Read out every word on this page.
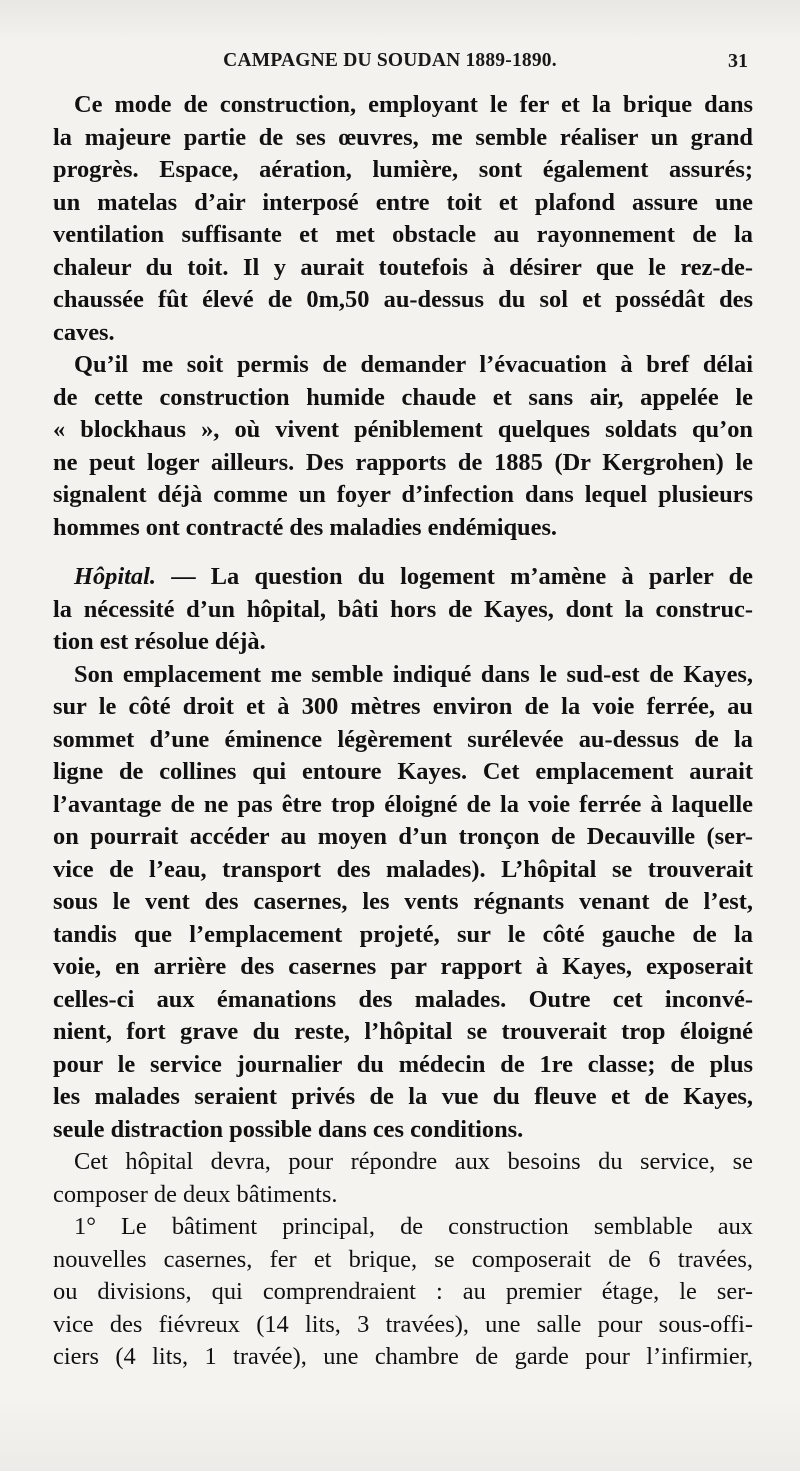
CAMPAGNE DU SOUDAN 1889-1890.	31
Ce mode de construction, employant le fer et la brique dans
la majeure partie de ses œuvres, me semble réaliser un grand
progrès. Espace, aération, lumière, sont également assurés;
un matelas d’air interposé entre toit et plafond assure une
ventilation suffisante et met obstacle au rayonnement de la
chaleur du toit. Il y aurait toutefois à désirer que le rez-de-
chaussée fût élevé de 0m,50 au-dessus du sol et possédât des
caves.
Qu’il me soit permis de demander l’évacuation à bref délai
de cette construction humide chaude et sans air, appelée le
« blockhaus », où vivent péniblement quelques soldats qu’on
ne peut loger ailleurs. Des rapports de 1885 (Dr Kergrohen) le
signalent déjà comme un foyer d’infection dans lequel plusieurs
hommes ont contracté des maladies endémiques.
Hôpital. — La question du logement m’amène à parler de
la nécessité d’un hôpital, bâti hors de Kayes, dont la construc-
tion est résolue déjà.
Son emplacement me semble indiqué dans le sud-est de Kayes,
sur le côté droit et à 300 mètres environ de la voie ferrée, au
sommet d’une éminence légèrement surélevée au-dessus de la
ligne de collines qui entoure Kayes. Cet emplacement aurait
l’avantage de ne pas être trop éloigné de la voie ferrée à laquelle
on pourrait accéder au moyen d’un tronçon de Decauville (ser-
vice de l’eau, transport des malades). L’hôpital se trouverait
sous le vent des casernes, les vents régnants venant de l’est,
tandis que l’emplacement projeté, sur le côté gauche de la
voie, en arrière des casernes par rapport à Kayes, exposerait
celles-ci aux émanations des malades. Outre cet inconvé-
nient, fort grave du reste, l’hôpital se trouverait trop éloigné
pour le service journalier du médecin de 1re classe; de plus
les malades seraient privés de la vue du fleuve et de Kayes,
seule distraction possible dans ces conditions.
Cet hôpital devra, pour répondre aux besoins du service, se
composer de deux bâtiments.
1° Le bâtiment principal, de construction semblable aux
nouvelles casernes, fer et brique, se composerait de 6 travées,
ou divisions, qui comprendraient : au premier étage, le ser-
vice des fiévreux (14 lits, 3 travées), une salle pour sous-offi-
ciers (4 lits, 1 travée), une chambre de garde pour l’infirmier,
